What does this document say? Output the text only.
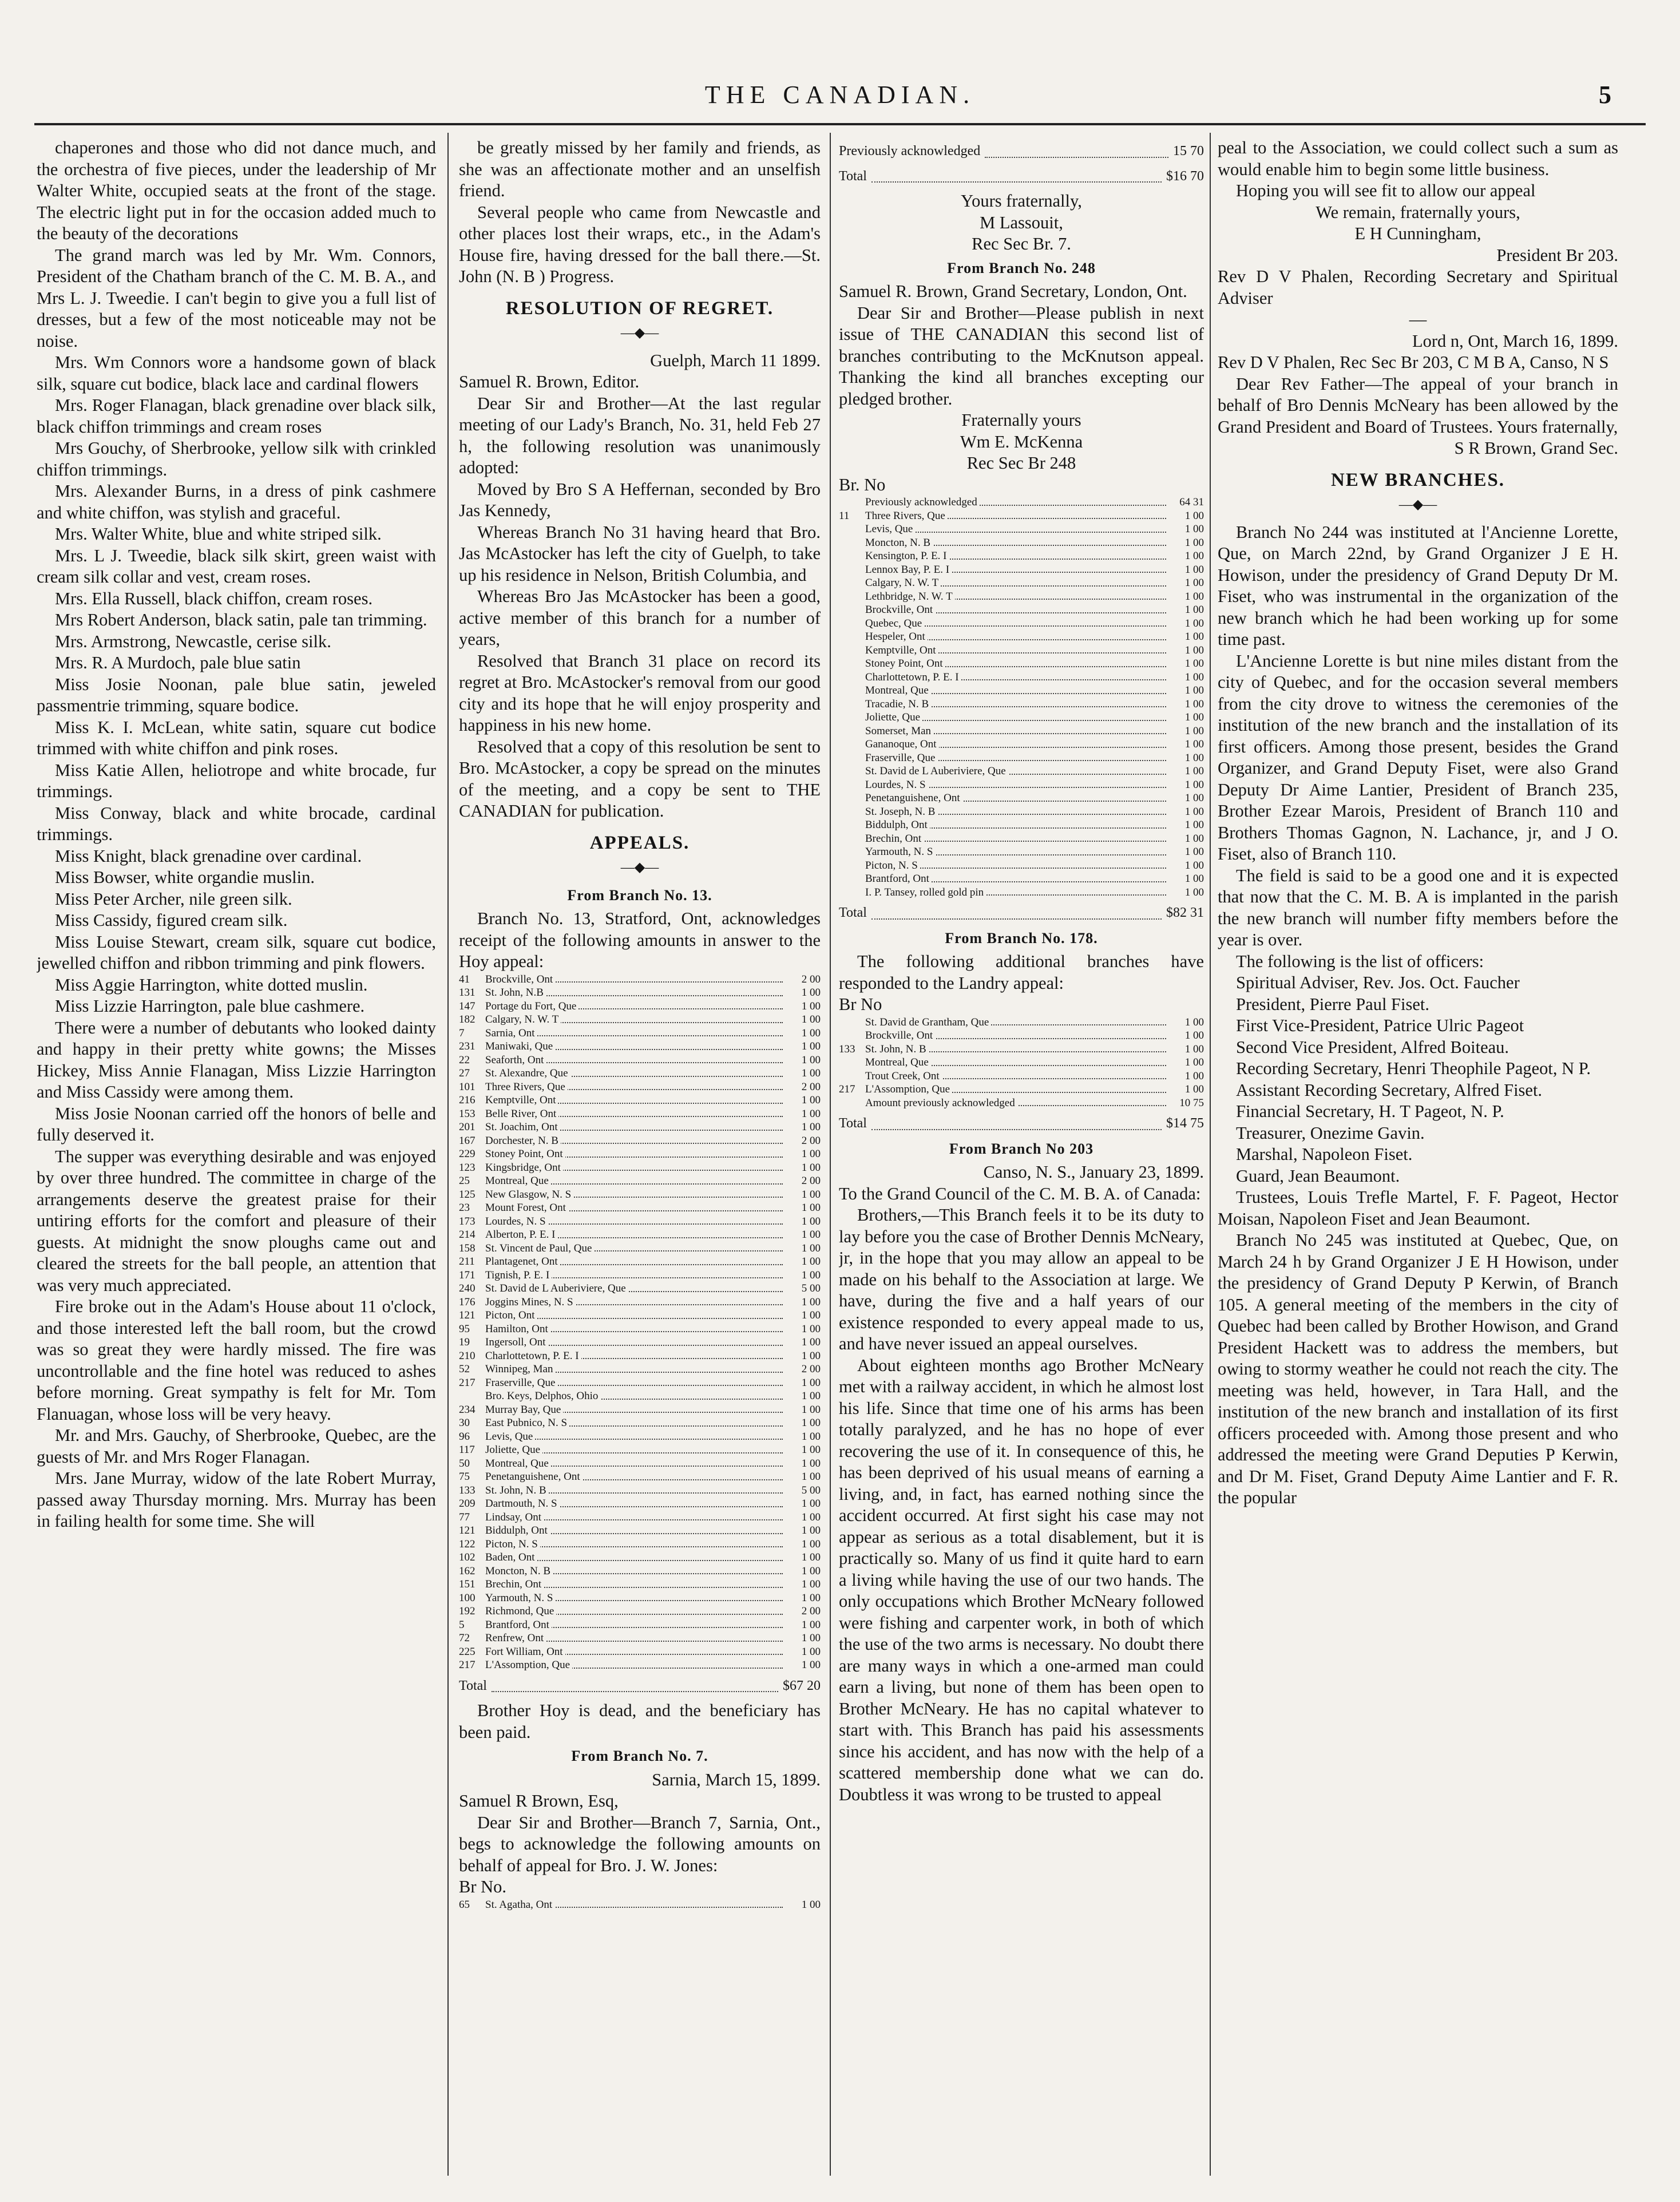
THE CANADIAN.	5

chaperones and those who did not dance much, and the orchestra of five pieces, under the leadership of Mr Walter White, occupied seats at the front of the stage. The electric light put in for the occasion added much to the beauty of the decorations

The grand march was led by Mr. Wm. Connors, President of the Chatham branch of the C. M. B. A., and Mrs L. J. Tweedie. I can't begin to give you a full list of dresses, but a few of the most noticeable may not be noise.

Mrs. Wm Connors wore a handsome gown of black silk, square cut bodice, black lace and cardinal flowers

Mrs. Roger Flanagan, black grenadine over black silk, black chiffon trimmings and cream roses

Mrs Gouchy, of Sherbrooke, yellow silk with crinkled chiffon trimmings.

Mrs. Alexander Burns, in a dress of pink cashmere and white chiffon, was stylish and graceful.

Mrs. Walter White, blue and white striped silk.

Mrs. L J. Tweedie, black silk skirt, green waist with cream silk collar and vest, cream roses.

Mrs. Ella Russell, black chiffon, cream roses.

Mrs Robert Anderson, black satin, pale tan trimming.

Mrs. Armstrong, Newcastle, cerise silk.

Mrs. R. A Murdoch, pale blue satin

Miss Josie Noonan, pale blue satin, jeweled passmentrie trimming, square bodice.

Miss K. I. McLean, white satin, square cut bodice trimmed with white chiffon and pink roses.

Miss Katie Allen, heliotrope and white brocade, fur trimmings.

Miss Conway, black and white brocade, cardinal trimmings.

Miss Knight, black grenadine over cardinal.

Miss Bowser, white organdie muslin.

Miss Peter Archer, nile green silk.

Miss Cassidy, figured cream silk.

Miss Louise Stewart, cream silk, square cut bodice, jewelled chiffon and ribbon trimming and pink flowers.

Miss Aggie Harrington, white dotted muslin.

Miss Lizzie Harrington, pale blue cashmere.

There were a number of debutants who looked dainty and happy in their pretty white gowns; the Misses Hickey, Miss Annie Flanagan, Miss Lizzie Harrington and Miss Cassidy were among them.

Miss Josie Noonan carried off the honors of belle and fully deserved it.

The supper was everything desirable and was enjoyed by over three hundred. The committee in charge of the arrangements deserve the greatest praise for their untiring efforts for the comfort and pleasure of their guests. At midnight the snow ploughs came out and cleared the streets for the ball people, an attention that was very much appreciated.

Fire broke out in the Adam's House about 11 o'clock, and those interested left the ball room, but the crowd was so great they were hardly missed. The fire was uncontrollable and the fine hotel was reduced to ashes before morning. Great sympathy is felt for Mr. Tom Flanuagan, whose loss will be very heavy.

Mr. and Mrs. Gauchy, of Sherbrooke, Quebec, are the guests of Mr. and Mrs Roger Flanagan.

Mrs. Jane Murray, widow of the late Robert Murray, passed away Thursday morning. Mrs. Murray has been in failing health for some time. She will

be greatly missed by her family and friends, as she was an affectionate mother and an unselfish friend.

Several people who came from Newcastle and other places lost their wraps, etc., in the Adam's House fire, having dressed for the ball there.—St. John (N. B ) Progress.

RESOLUTION OF REGRET.
—◆—

Guelph, March 11 1899.

Samuel R. Brown, Editor.

Dear Sir and Brother—At the last regular meeting of our Lady's Branch, No. 31, held Feb 27 h, the following resolution was unanimously adopted:

Moved by Bro S A Heffernan, seconded by Bro Jas Kennedy,

Whereas Branch No 31 having heard that Bro. Jas McAstocker has left the city of Guelph, to take up his residence in Nelson, British Columbia, and

Whereas Bro Jas McAstocker has been a good, active member of this branch for a number of years,

Resolved that Branch 31 place on record its regret at Bro. McAstocker's removal from our good city and its hope that he will enjoy prosperity and happiness in his new home.

Resolved that a copy of this resolution be sent to Bro. McAstocker, a copy be spread on the minutes of the meeting, and a copy be sent to THE CANADIAN for publication.

APPEALS.
—◆—
From Branch No. 13.

Branch No. 13, Stratford, Ont, acknowledges receipt of the following amounts in answer to the Hoy appeal:

41	Brockville, Ont	2 00
131	St. John, N.B	1 00
147	Portage du Fort, Que	1 00
182	Calgary, N. W. T	1 00
7	Sarnia, Ont	1 00
231	Maniwaki, Que	1 00
22	Seaforth, Ont	1 00
27	St. Alexandre, Que	1 00
101	Three Rivers, Que	2 00
216	Kemptville, Ont	1 00
153	Belle River, Ont	1 00
201	St. Joachim, Ont	1 00
167	Dorchester, N. B	2 00
229	Stoney Point, Ont	1 00
123	Kingsbridge, Ont	1 00
25	Montreal, Que	2 00
125	New Glasgow, N. S	1 00
23	Mount Forest, Ont	1 00
173	Lourdes, N. S	1 00
214	Alberton, P. E. I	1 00
158	St. Vincent de Paul, Que	1 00
211	Plantagenet, Ont	1 00
171	Tignish, P. E. I	1 00
240	St. David de L Auberiviere, Que	5 00
176	Joggins Mines, N. S	1 00
121	Picton, Ont	1 00
95	Hamilton, Ont	1 00
19	Ingersoll, Ont	1 00
210	Charlottetown, P. E. I	1 00
52	Winnipeg, Man	2 00
217	Fraserville, Que	1 00
	Bro. Keys, Delphos, Ohio	1 00
234	Murray Bay, Que	1 00
30	East Pubnico, N. S	1 00
96	Levis, Que	1 00
117	Joliette, Que	1 00
50	Montreal, Que	1 00
75	Penetanguishene, Ont	1 00
133	St. John, N. B	5 00
209	Dartmouth, N. S	1 00
77	Lindsay, Ont	1 00
121	Biddulph, Ont	1 00
122	Picton, N. S	1 00
102	Baden, Ont	1 00
162	Moncton, N. B	1 00
151	Brechin, Ont	1 00
100	Yarmouth, N. S	1 00
192	Richmond, Que	2 00
5	Brantford, Ont	1 00
72	Renfrew, Ont	1 00
225	Fort William, Ont	1 00
217	L'Assomption, Que	1 00
Total	$67 20

Brother Hoy is dead, and the beneficiary has been paid.

From Branch No. 7.

Sarnia, March 15, 1899.

Samuel R Brown, Esq,

Dear Sir and Brother—Branch 7, Sarnia, Ont., begs to acknowledge the following amounts on behalf of appeal for Bro. J. W. Jones:

Br No.

65	St. Agatha, Ont	1 00
Previously acknowledged	15 70
Total	$16 70

Yours fraternally,

M Lassouit,

Rec Sec Br. 7.

From Branch No. 248

Samuel R. Brown, Grand Secretary, London, Ont.

Dear Sir and Brother—Please publish in next issue of THE CANADIAN this second list of branches contributing to the McKnutson appeal. Thanking the kind all branches excepting our pledged brother.

Fraternally yours

Wm E. McKenna

Rec Sec Br 248

Br. No

	Previously acknowledged	64 31
11	Three Rivers, Que	1 00
	Levis, Que	1 00
	Moncton, N. B	1 00
	Kensington, P. E. I	1 00
	Lennox Bay, P. E. I	1 00
	Calgary, N. W. T	1 00
	Lethbridge, N. W. T	1 00
	Brockville, Ont	1 00
	Quebec, Que	1 00
	Hespeler, Ont	1 00
	Kemptville, Ont	1 00
	Stoney Point, Ont	1 00
	Charlottetown, P. E. I	1 00
	Montreal, Que	1 00
	Tracadie, N. B	1 00
	Joliette, Que	1 00
	Somerset, Man	1 00
	Gananoque, Ont	1 00
	Fraserville, Que	1 00
	St. David de L Auberiviere, Que	1 00
	Lourdes, N. S	1 00
	Penetanguishene, Ont	1 00
	St. Joseph, N. B	1 00
	Biddulph, Ont	1 00
	Brechin, Ont	1 00
	Yarmouth, N. S	1 00
	Picton, N. S	1 00
	Brantford, Ont	1 00
	I. P. Tansey, rolled gold pin	1 00
Total	$82 31
From Branch No. 178.

The following additional branches have responded to the Landry appeal:

Br No

	St. David de Grantham, Que	1 00
	Brockville, Ont	1 00
133	St. John, N. B	1 00
	Montreal, Que	1 00
	Trout Creek, Ont	1 00
217	L'Assomption, Que	1 00
	Amount previously acknowledged	10 75
Total	$14 75
From Branch No 203

Canso, N. S., January 23, 1899.

To the Grand Council of the C. M. B. A. of Canada:

Brothers,—This Branch feels it to be its duty to lay before you the case of Brother Dennis McNeary, jr, in the hope that you may allow an appeal to be made on his behalf to the Association at large. We have, during the five and a half years of our existence responded to every appeal made to us, and have never issued an appeal ourselves.

About eighteen months ago Brother McNeary met with a railway accident, in which he almost lost his life. Since that time one of his arms has been totally paralyzed, and he has no hope of ever recovering the use of it. In consequence of this, he has been deprived of his usual means of earning a living, and, in fact, has earned nothing since the accident occurred. At first sight his case may not appear as serious as a total disablement, but it is practically so. Many of us find it quite hard to earn a living while having the use of our two hands. The only occupations which Brother McNeary followed were fishing and carpenter work, in both of which the use of the two arms is necessary. No doubt there are many ways in which a one-armed man could earn a living, but none of them has been open to Brother McNeary. He has no capital whatever to start with. This Branch has paid his assessments since his accident, and has now with the help of a scattered membership done what we can do. Doubtless it was wrong to be trusted to appeal

peal to the Association, we could collect such a sum as would enable him to begin some little business.

Hoping you will see fit to allow our appeal

We remain, fraternally yours,

E H Cunningham,

President Br 203.

Rev D V Phalen, Recording Secretary and Spiritual Adviser

—

Lord n, Ont, March 16, 1899.

Rev D V Phalen, Rec Sec Br 203, C M B A, Canso, N S

Dear Rev Father—The appeal of your branch in behalf of Bro Dennis McNeary has been allowed by the Grand President and Board of Trustees. Yours fraternally,

S R Brown, Grand Sec.

NEW BRANCHES.
—◆—

Branch No 244 was instituted at l'Ancienne Lorette, Que, on March 22nd, by Grand Organizer J E H. Howison, under the presidency of Grand Deputy Dr M. Fiset, who was instrumental in the organization of the new branch which he had been working up for some time past.

L'Ancienne Lorette is but nine miles distant from the city of Quebec, and for the occasion several members from the city drove to witness the ceremonies of the institution of the new branch and the installation of its first officers. Among those present, besides the Grand Organizer, and Grand Deputy Fiset, were also Grand Deputy Dr Aime Lantier, President of Branch 235, Brother Ezear Marois, President of Branch 110 and Brothers Thomas Gagnon, N. Lachance, jr, and J O. Fiset, also of Branch 110.

The field is said to be a good one and it is expected that now that the C. M. B. A is implanted in the parish the new branch will number fifty members before the year is over.

The following is the list of officers:

Spiritual Adviser, Rev. Jos. Oct. Faucher

President, Pierre Paul Fiset.

First Vice-President, Patrice Ulric Pageot

Second Vice President, Alfred Boiteau.

Recording Secretary, Henri Theophile Pageot, N P.

Assistant Recording Secretary, Alfred Fiset.

Financial Secretary, H. T Pageot, N. P.

Treasurer, Onezime Gavin.

Marshal, Napoleon Fiset.

Guard, Jean Beaumont.

Trustees, Louis Trefle Martel, F. F. Pageot, Hector Moisan, Napoleon Fiset and Jean Beaumont.

Branch No 245 was instituted at Quebec, Que, on March 24 h by Grand Organizer J E H Howison, under the presidency of Grand Deputy P Kerwin, of Branch 105. A general meeting of the members in the city of Quebec had been called by Brother Howison, and Grand President Hackett was to address the members, but owing to stormy weather he could not reach the city. The meeting was held, however, in Tara Hall, and the institution of the new branch and installation of its first officers proceeded with. Among those present and who addressed the meeting were Grand Deputies P Kerwin, and Dr M. Fiset, Grand Deputy Aime Lantier and F. R. the popular
